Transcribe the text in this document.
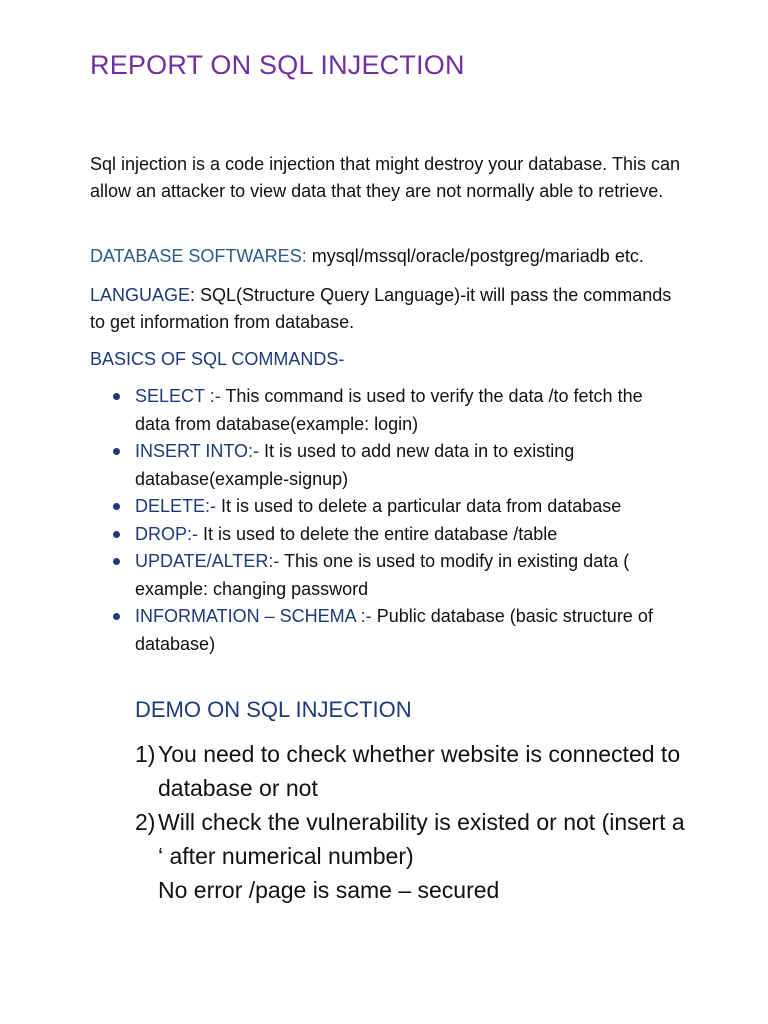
REPORT ON SQL INJECTION

Sql injection is a code injection that might destroy your database. This can allow an attacker to view data that they are not normally able to retrieve.

DATABASE SOFTWARES: mysql/mssql/oracle/postgreg/mariadb etc.

LANGUAGE: SQL(Structure Query Language)-it will pass the commands to get information from database.

BASICS OF SQL COMMANDS-

SELECT :- This command is used to verify the data /to fetch the data from database(example: login)
INSERT INTO:- It is used to add new data in to existing database(example-signup)
DELETE:- It is used to delete a particular data from database
DROP:- It is used to delete the entire database /table
UPDATE/ALTER:- This one is used to modify in existing data ( example: changing password
INFORMATION – SCHEMA :- Public database (basic structure of database)
DEMO ON SQL INJECTION
1) You need to check whether website is connected to database or not
2) Will check the vulnerability is existed or not (insert a ‘ after numerical number)
No error /page is same – secured
